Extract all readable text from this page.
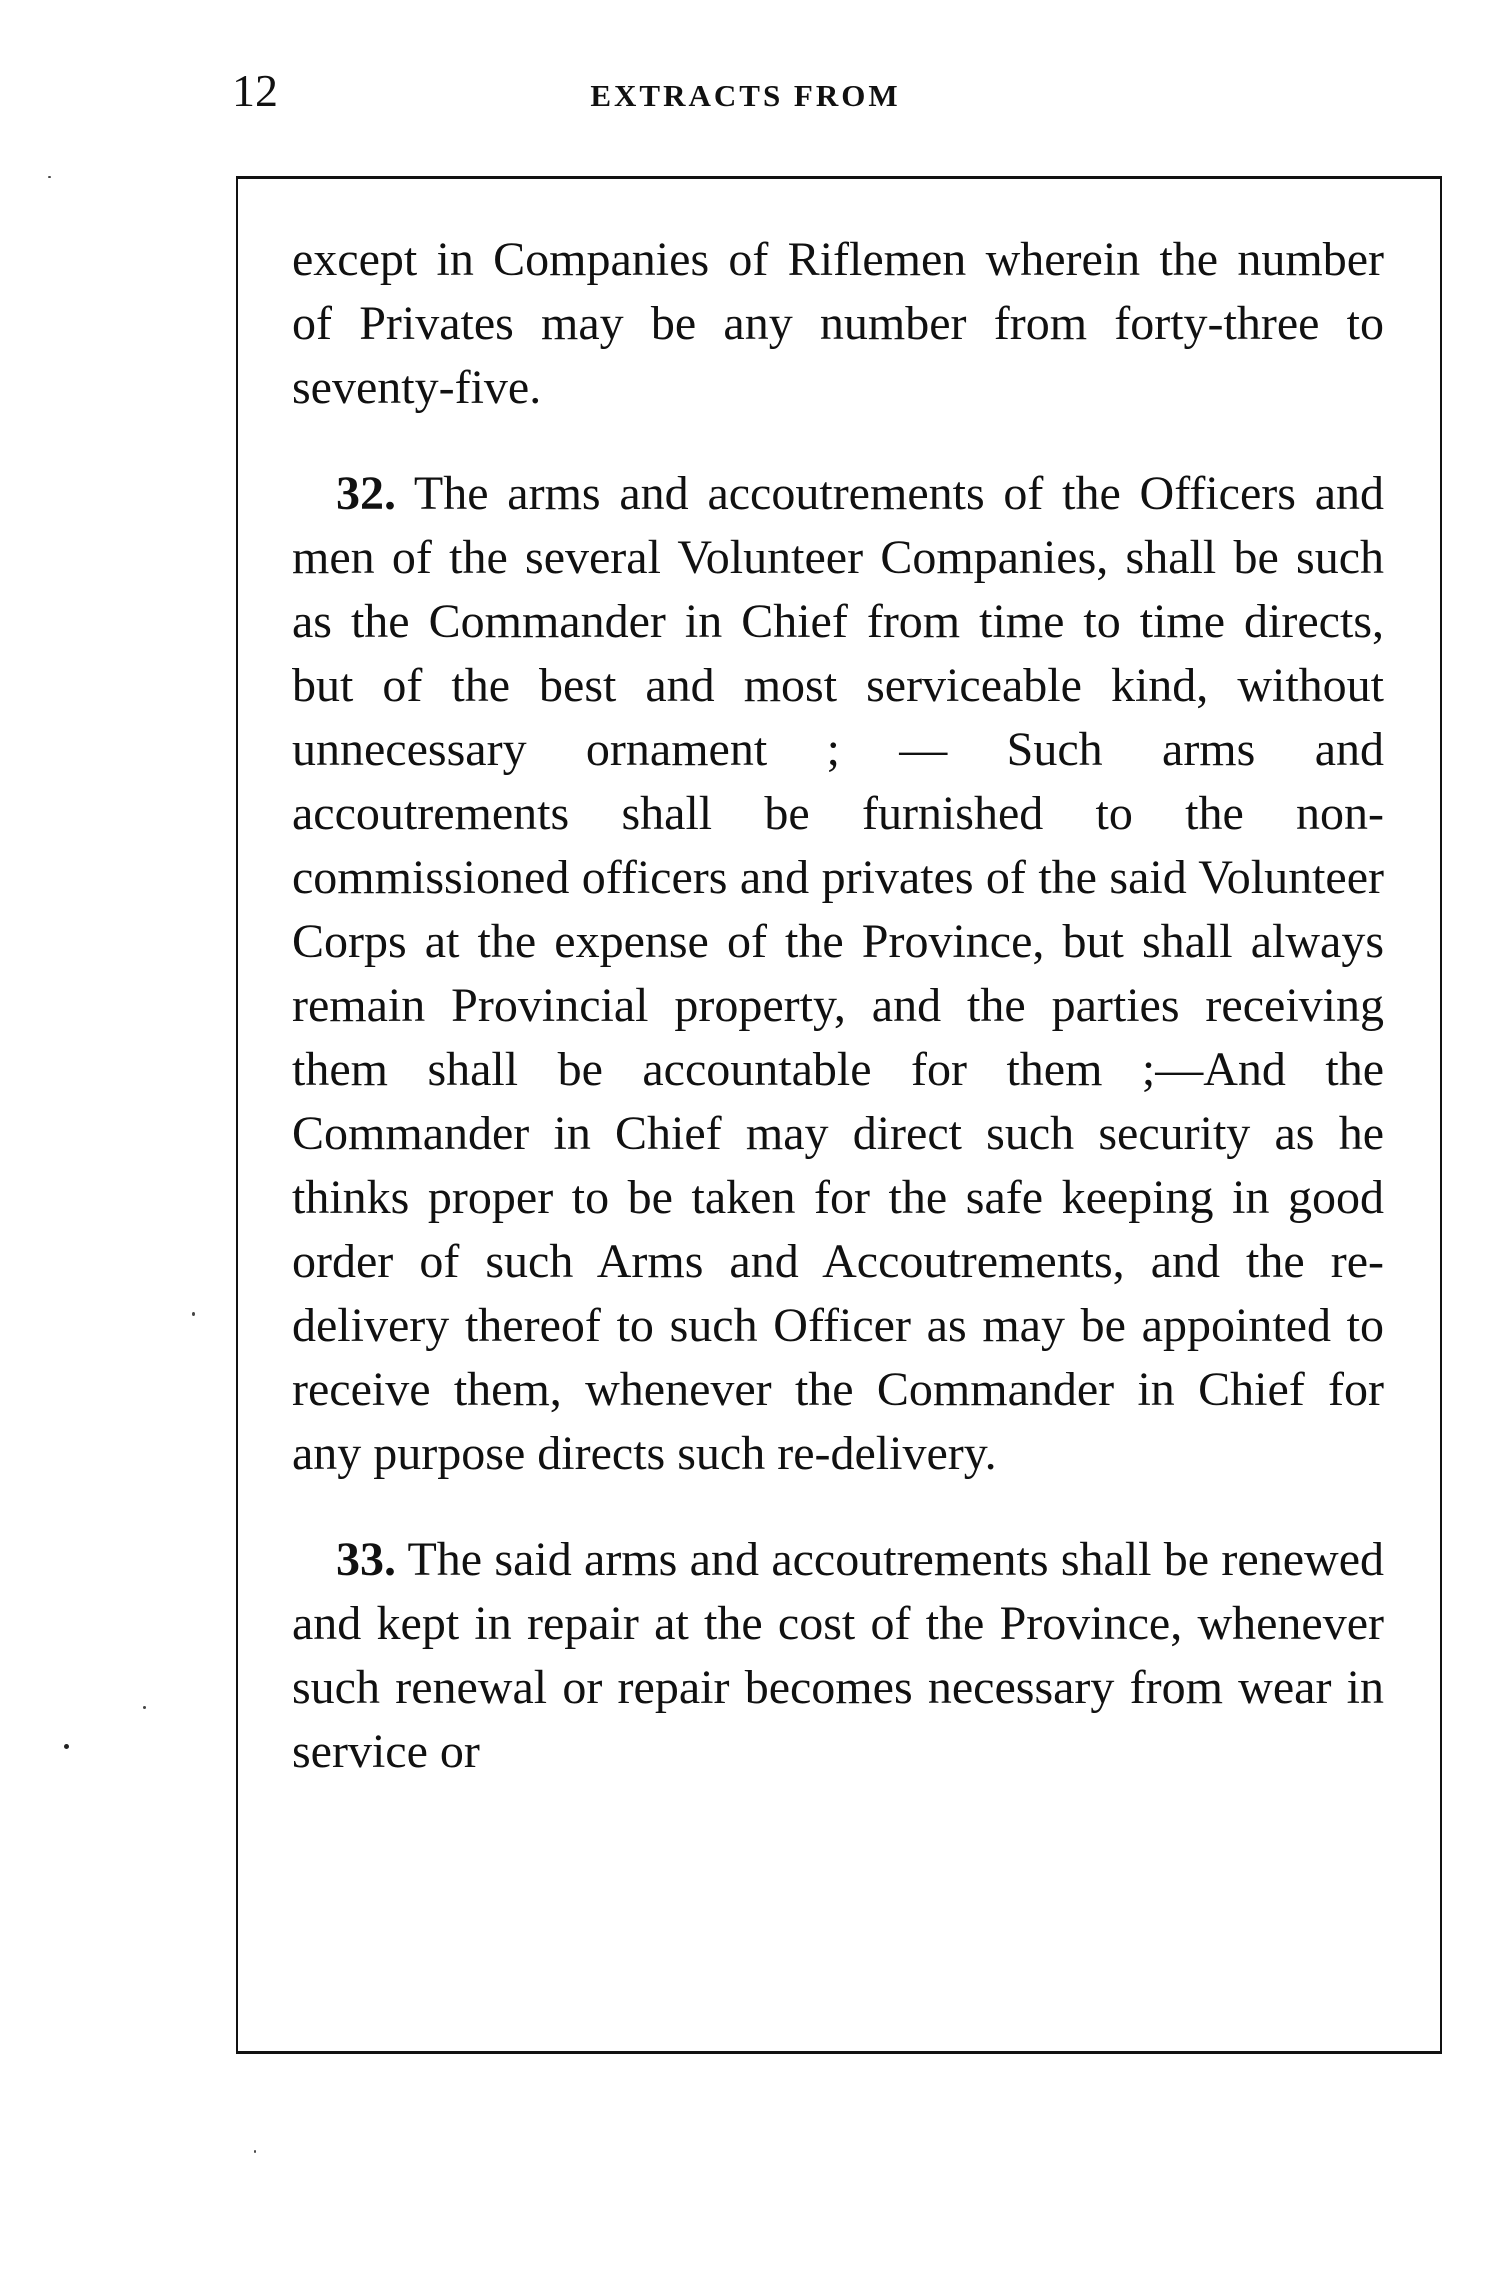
12	EXTRACTS FROM

except in Companies of Riflemen wherein the number of Privates may be any number from forty-three to seventy-five.

32. The arms and accoutrements of the Officers and men of the several Volunteer Companies, shall be such as the Commander in Chief from time to time directs, but of the best and most serviceable kind, without unnecessary ornament ; — Such arms and accoutrements shall be furnished to the non-commissioned officers and privates of the said Volunteer Corps at the expense of the Province, but shall always remain Provincial property, and the parties receiving them shall be accountable for them ;—And the Commander in Chief may direct such security as he thinks proper to be taken for the safe keeping in good order of such Arms and Accoutrements, and the re-delivery thereof to such Officer as may be appointed to receive them, whenever the Commander in Chief for any purpose directs such re-delivery.

33. The said arms and accoutrements shall be renewed and kept in repair at the cost of the Province, whenever such renewal or repair becomes necessary from wear in service or
